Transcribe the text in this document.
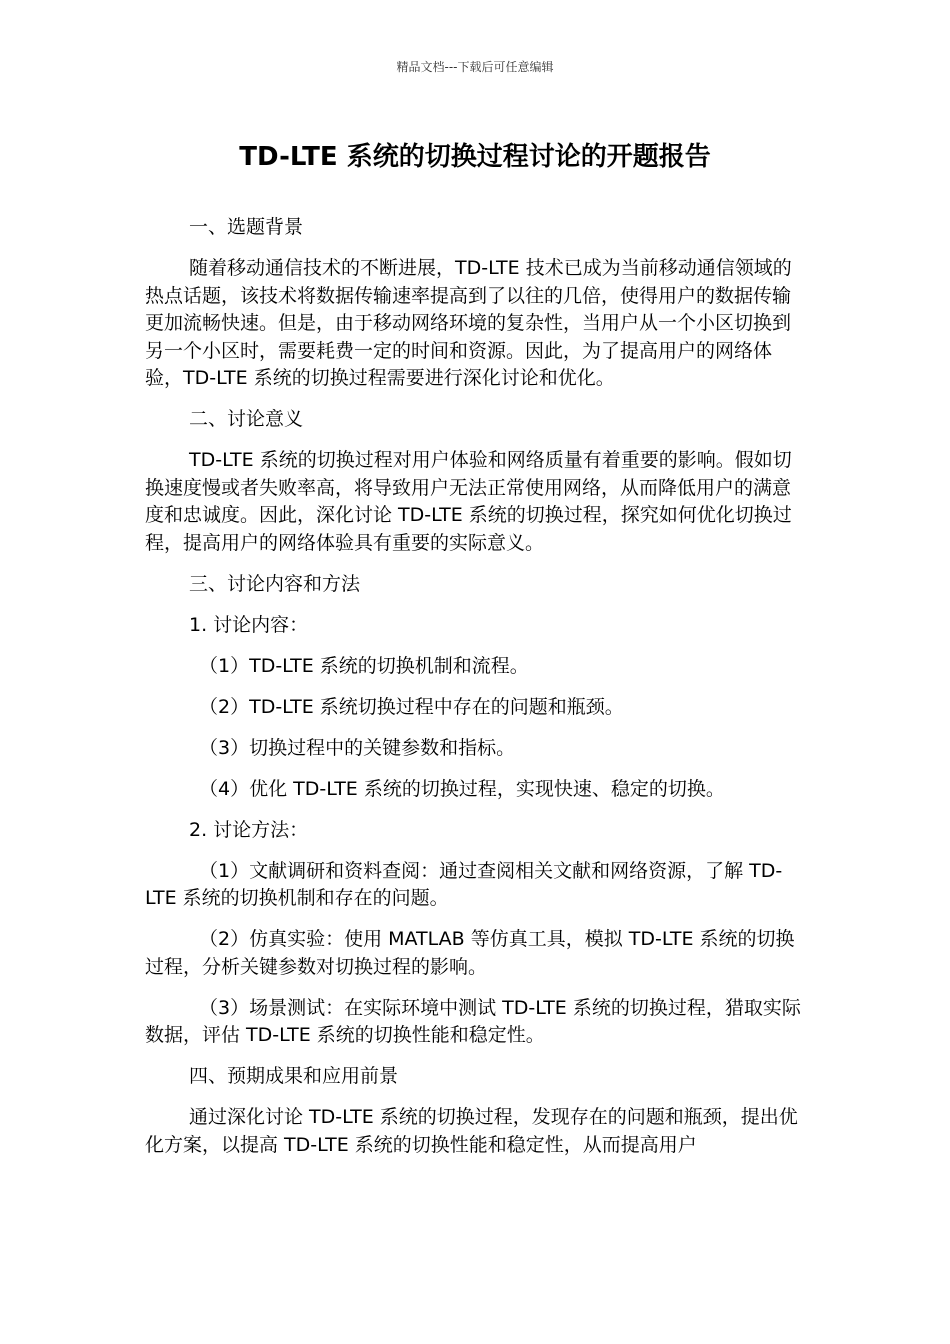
精品文档---下载后可任意编辑
TD-LTE 系统的切换过程讨论的开题报告

一、选题背景

随着移动通信技术的不断进展，TD-LTE 技术已成为当前移动通信领域的热点话题，该技术将数据传输速率提高到了以往的几倍，使得用户的数据传输更加流畅快速。但是，由于移动网络环境的复杂性，当用户从一个小区切换到另一个小区时，需要耗费一定的时间和资源。因此，为了提高用户的网络体验，TD-LTE 系统的切换过程需要进行深化讨论和优化。

二、讨论意义

TD-LTE 系统的切换过程对用户体验和网络质量有着重要的影响。假如切换速度慢或者失败率高，将导致用户无法正常使用网络，从而降低用户的满意度和忠诚度。因此，深化讨论 TD-LTE 系统的切换过程，探究如何优化切换过程，提高用户的网络体验具有重要的实际意义。

三、讨论内容和方法

1. 讨论内容：

（1）TD-LTE 系统的切换机制和流程。

（2）TD-LTE 系统切换过程中存在的问题和瓶颈。

（3）切换过程中的关键参数和指标。

（4）优化 TD-LTE 系统的切换过程，实现快速、稳定的切换。

2. 讨论方法：

（1）文献调研和资料查阅：通过查阅相关文献和网络资源，了解 TD-LTE 系统的切换机制和存在的问题。

（2）仿真实验：使用 MATLAB 等仿真工具，模拟 TD-LTE 系统的切换过程，分析关键参数对切换过程的影响。

（3）场景测试：在实际环境中测试 TD-LTE 系统的切换过程，猎取实际数据，评估 TD-LTE 系统的切换性能和稳定性。

四、预期成果和应用前景

通过深化讨论 TD-LTE 系统的切换过程，发现存在的问题和瓶颈，提出优化方案，以提高 TD-LTE 系统的切换性能和稳定性，从而提高用户
